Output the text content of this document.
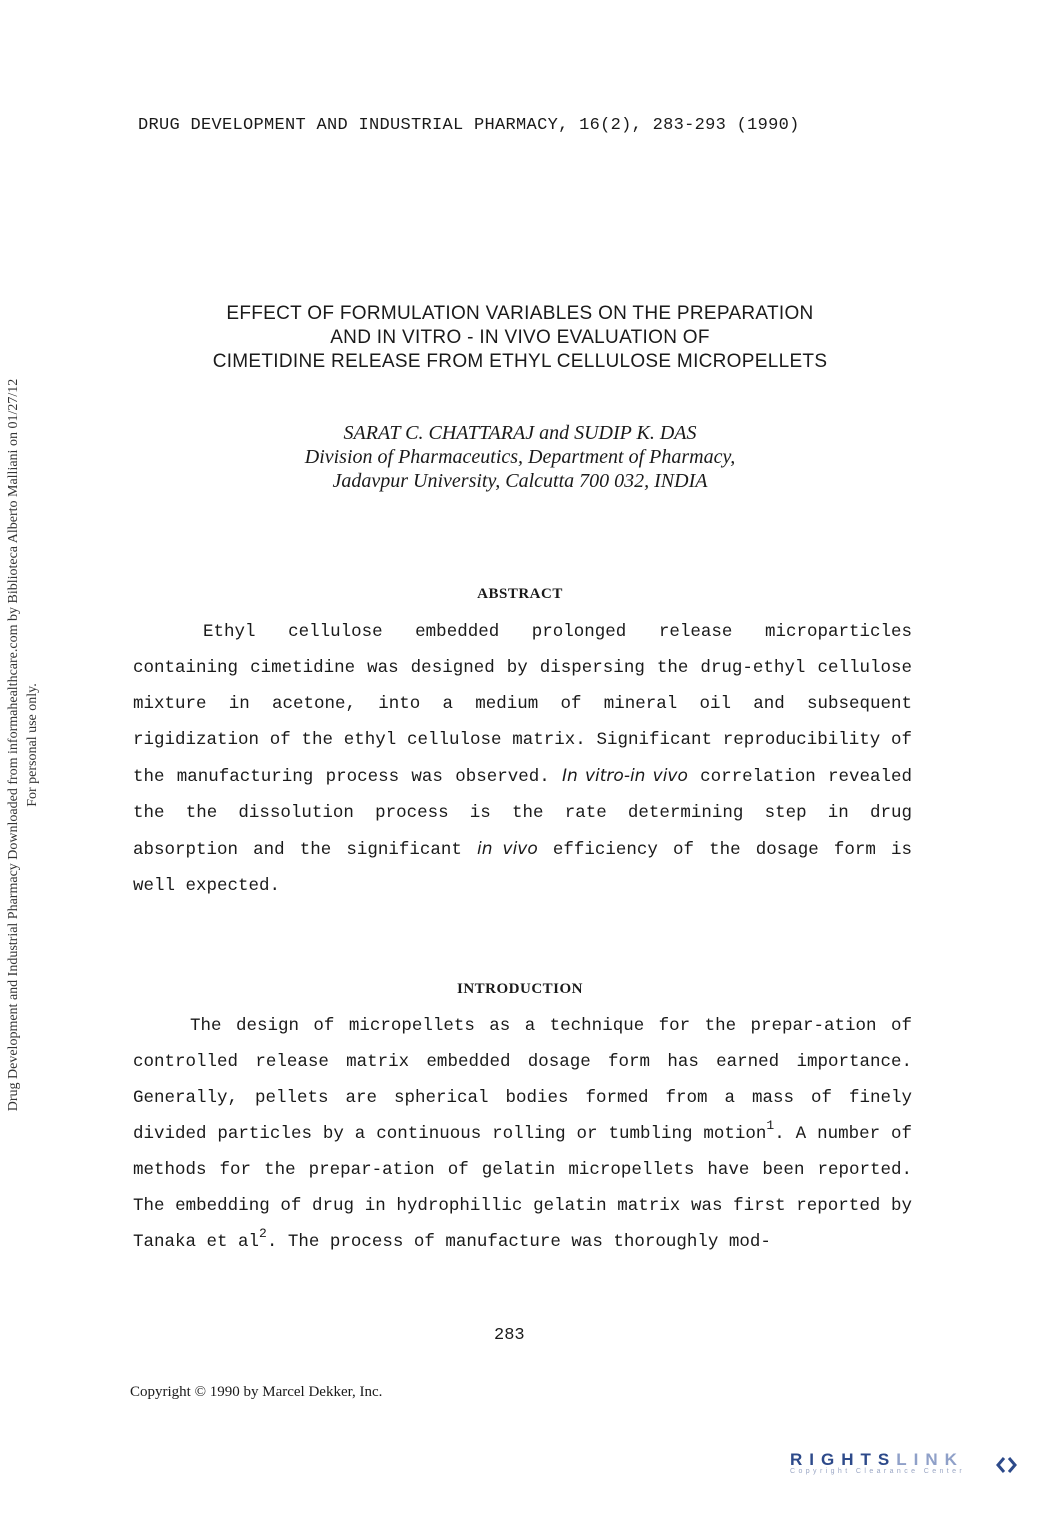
Drug Development and Industrial Pharmacy Downloaded from informahealthcare.com by Biblioteca Alberto Malliani on 01/27/12 For personal use only.
DRUG DEVELOPMENT AND INDUSTRIAL PHARMACY, 16(2), 283-293 (1990)
EFFECT OF FORMULATION VARIABLES ON THE PREPARATION
AND IN VITRO - IN VIVO EVALUATION OF
CIMETIDINE RELEASE FROM ETHYL CELLULOSE MICROPELLETS
SARAT C. CHATTARAJ and SUDIP K. DAS
Division of Pharmaceutics, Department of Pharmacy,
Jadavpur University, Calcutta 700 032, INDIA
ABSTRACT

Ethyl cellulose embedded prolonged release microparticles containing cimetidine was designed by dispersing the drug-ethyl cellulose mixture in acetone, into a medium of mineral oil and subsequent rigidization of the ethyl cellulose matrix. Significant reproducibility of the manufacturing process was observed. In vitro-in vivo correlation revealed the the dissolution process is the rate determining step in drug absorption and the significant in vivo efficiency of the dosage form is well expected.

INTRODUCTION

The design of micropellets as a technique for the prepar-ation of controlled release matrix embedded dosage form has earned importance. Generally, pellets are spherical bodies formed from a mass of finely divided particles by a continuous rolling or tumbling motion$^1$. A number of methods for the prepar-ation of gelatin micropellets have been reported. The embedding of drug in hydrophillic gelatin matrix was first reported by Tanaka et $al^2$. The process of manufacture was thoroughly mod-

283
Copyright © 1990 by Marcel Dekker, Inc.
RIGHTSLINK
Copyright Clearance Center
